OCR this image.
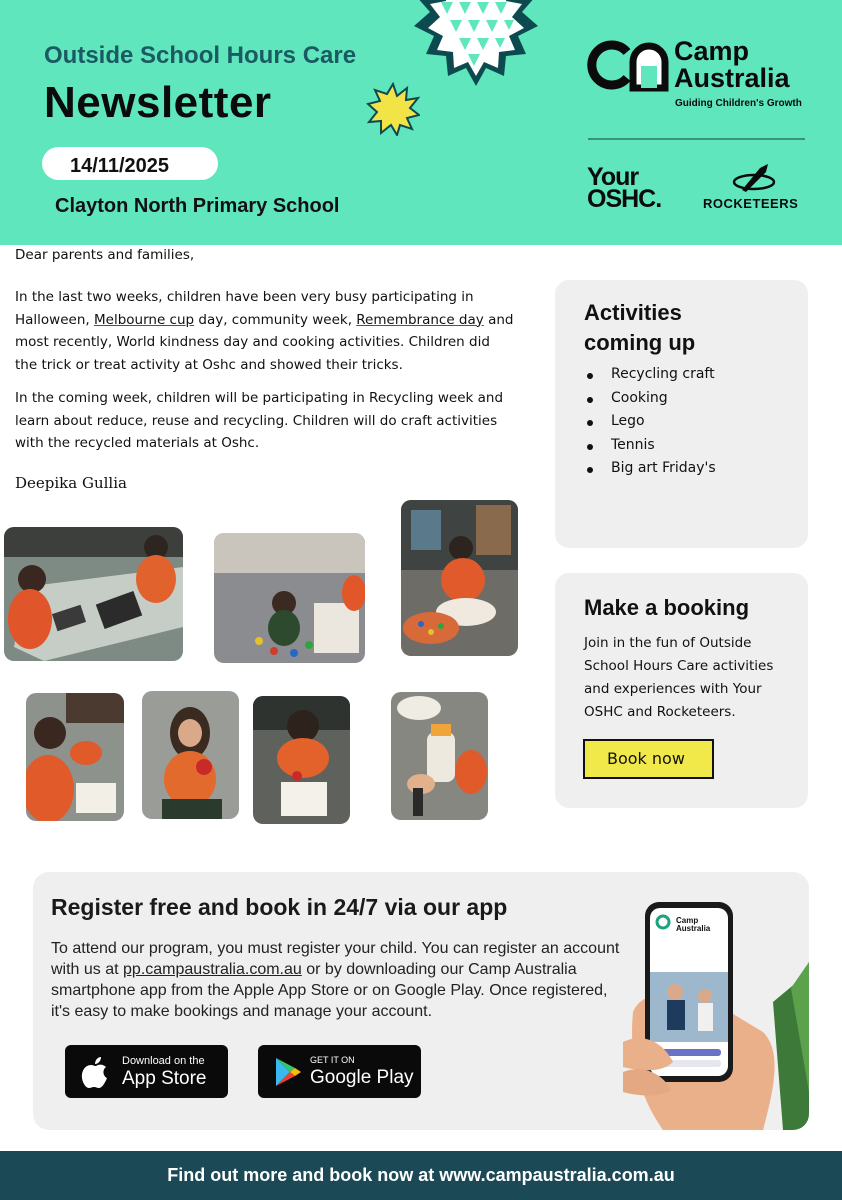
Outside School Hours Care
Newsletter
14/11/2025
Clayton North Primary School
Camp
Australia
Guiding Children's Growth
Your
OSHC.	ROCKETEERS
Dear parents and families,
In the last two weeks, children have been very busy participating in Halloween, Melbourne cup day, community week, Remembrance day and most recently, World kindness day and cooking activities. Children did the trick or treat activity at Oshc and showed their tricks.
In the coming week, children will be participating in Recycling week and learn about reduce, reuse and recycling. Children will do craft activities with the recycled materials at Oshc.
Deepika Gullia
Activities
coming up
Recycling craft
Cooking
Lego
Tennis
Big art Friday's
Make a booking
Join in the fun of Outside School Hours Care activities and experiences with Your OSHC and Rocketeers.
Book now
Register free and book in 24/7 via our app
To attend our program, you must register your child. You can register an account with us at pp.campaustralia.com.au or by downloading our Camp Australia smartphone app from the Apple App Store or on Google Play. Once registered, it's easy to make bookings and manage your account.
Download on the
App Store
GET IT ON
Google Play
Camp
Australia
Find out more and book now at www.campaustralia.com.au
